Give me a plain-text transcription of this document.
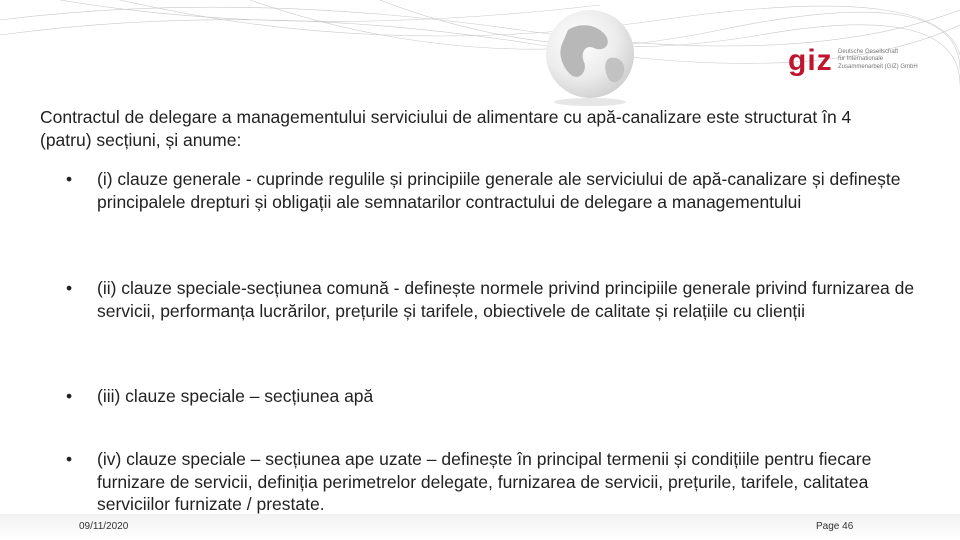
giz Deutsche Gesellschaft
für Internationale
Zusammenarbeit (GIZ) GmbH
Contractul de delegare a managementului serviciului de alimentare cu apă-canalizare este structurat în 4 (patru) secțiuni, și anume:
• (i) clauze generale - cuprinde regulile și principiile generale ale serviciului de apă-canalizare și definește principalele drepturi și obligații ale semnatarilor contractului de delegare a managementului
• (ii) clauze speciale-secțiunea comună - definește normele privind principiile generale privind furnizarea de servicii, performanța lucrărilor, prețurile și tarifele, obiectivele de calitate și relațiile cu clienții
• (iii) clauze speciale – secțiunea apă
• (iv) clauze speciale – secțiunea ape uzate – definește în principal termenii și condițiile pentru fiecare furnizare de servicii, definiția perimetrelor delegate, furnizarea de servicii, prețurile, tarifele, calitatea serviciilor furnizate / prestate.
09/11/2020	Page 46
